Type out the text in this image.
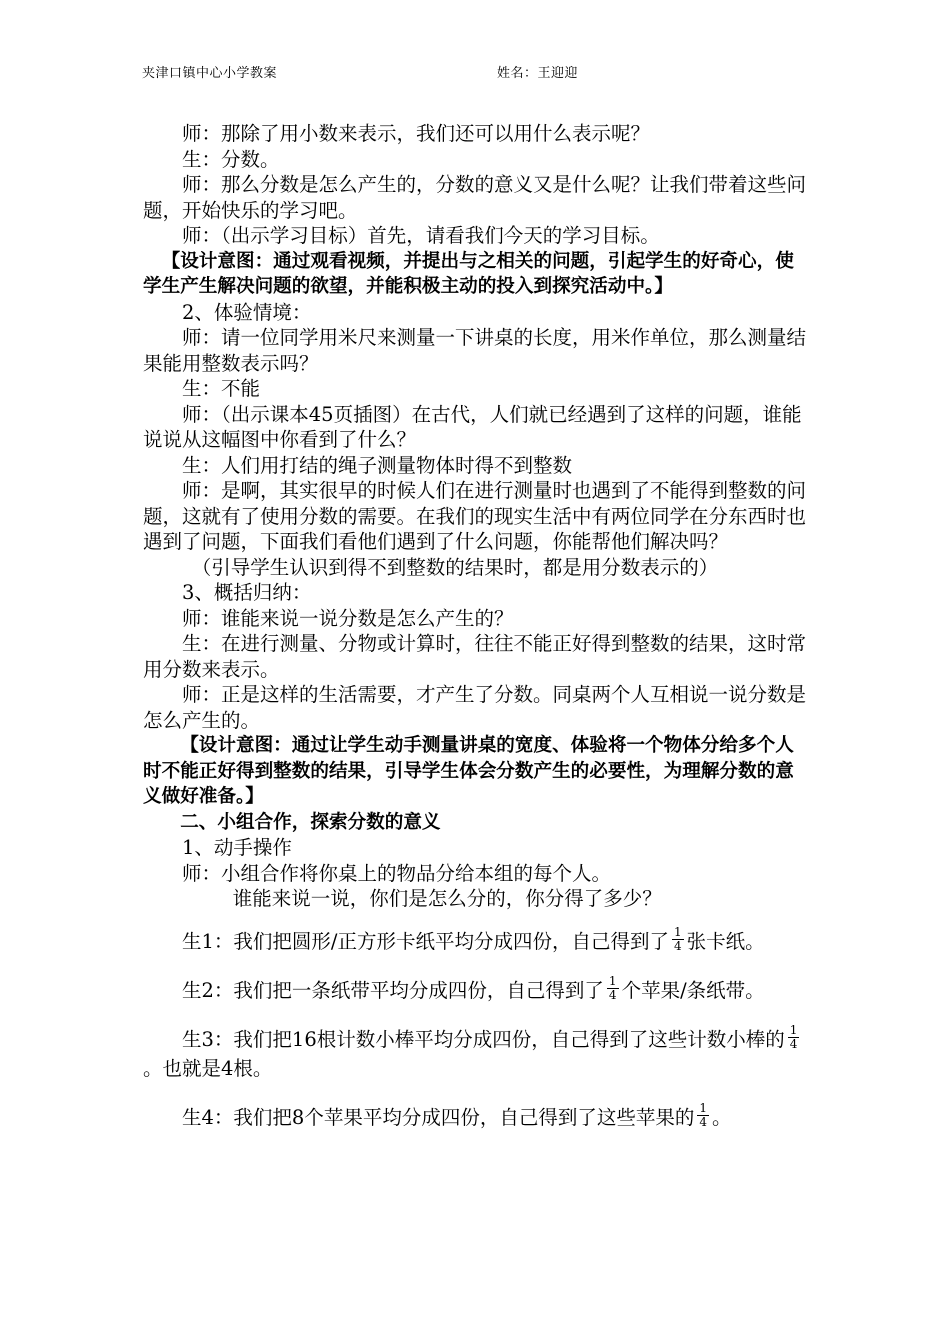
夹津口镇中心小学教案	姓名：王迎迎

师：那除了用小数来表示，我们还可以用什么表示呢？

生：分数。

师：那么分数是怎么产生的，分数的意义又是什么呢？让我们带着这些问题，开始快乐的学习吧。

师：（出示学习目标）首先，请看我们今天的学习目标。

【设计意图：通过观看视频，并提出与之相关的问题，引起学生的好奇心，使学生产生解决问题的欲望，并能积极主动的投入到探究活动中。】

2、体验情境：

师：请一位同学用米尺来测量一下讲桌的长度，用米作单位，那么测量结果能用整数表示吗？

生：不能

师：（出示课本45页插图）在古代，人们就已经遇到了这样的问题，谁能说说从这幅图中你看到了什么？

生：人们用打结的绳子测量物体时得不到整数

师：是啊，其实很早的时候人们在进行测量时也遇到了不能得到整数的问题，这就有了使用分数的需要。在我们的现实生活中有两位同学在分东西时也遇到了问题，下面我们看他们遇到了什么问题，你能帮他们解决吗？

（引导学生认识到得不到整数的结果时，都是用分数表示的）

3、概括归纳：

师：谁能来说一说分数是怎么产生的？

生：在进行测量、分物或计算时，往往不能正好得到整数的结果，这时常用分数来表示。

师：正是这样的生活需要，才产生了分数。同桌两个人互相说一说分数是怎么产生的。

【设计意图：通过让学生动手测量讲桌的宽度、体验将一个物体分给多个人时不能正好得到整数的结果，引导学生体会分数产生的必要性，为理解分数的意义做好准备。】

二、小组合作，探索分数的意义

1、动手操作

师：小组合作将你桌上的物品分给本组的每个人。

谁能来说一说，你们是怎么分的，你分得了多少？

生1：我们把圆形/正方形卡纸平均分成四份，自己得到了 $\frac{1}{4}$ 张卡纸。

生2：我们把一条纸带平均分成四份，自己得到了 $\frac{1}{4}$ 个苹果/条纸带。

生3：我们把16根计数小棒平均分成四份，自己得到了这些计数小棒的 $\frac{1}{4}$
。也就是4根。

生4：我们把8个苹果平均分成四份，自己得到了这些苹果的 $\frac{1}{4}$ 。
